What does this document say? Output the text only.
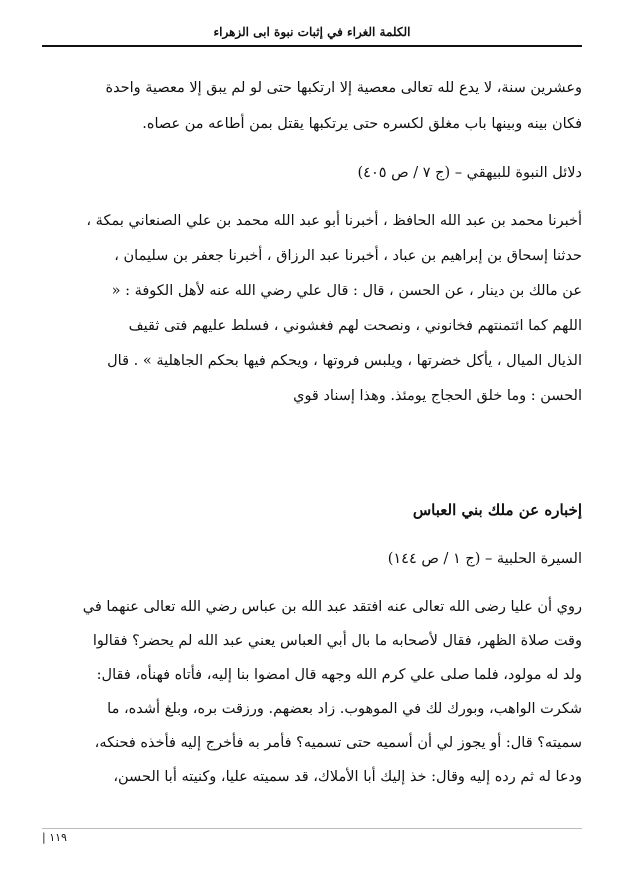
الكلمة الغراء في إثبات نبوة ابى الزهراء
وعشرين سنة، لا يدع لله تعالى معصية إلا ارتكبها حتى لو لم يبق إلا معصية واحدة
فكان بينه وبينها باب مغلق لكسره حتى يرتكبها يقتل بمن أطاعه من عصاه.
دلائل النبوة للبيهقي – (ج ٧ / ص ٤٠٥)
أخبرنا محمد بن عبد الله الحافظ ، أخبرنا أبو عبد الله محمد بن علي الصنعاني بمكة ،
حدثنا إسحاق بن إبراهيم بن عباد ، أخبرنا عبد الرزاق ، أخبرنا جعفر بن سليمان ،
عن مالك بن دينار ، عن الحسن ، قال : قال علي رضي الله عنه لأهل الكوفة : «
اللهم كما ائتمنتهم فخانوني ، ونصحت لهم فغشوني ، فسلط عليهم فتى ثقيف
الذيال الميال ، يأكل خضرتها ، ويلبس فروتها ، ويحكم فيها بحكم الجاهلية » . قال
الحسن : وما خلق الحجاج يومئذ. وهذا إسناد قوي
إخباره عن ملك بني العباس
السيرة الحلبية – (ج ١ / ص ١٤٤)
روي أن عليا رضى الله تعالى عنه افتقد عبد الله بن عباس رضي الله تعالى عنهما في
وقت صلاة الظهر، فقال لأصحابه ما بال أبي العباس يعني عبد الله لم يحضر؟ فقالوا
ولد له مولود، فلما صلى علي كرم الله وجهه قال امضوا بنا إليه، فأتاه فهنأه، فقال:
شكرت الواهب، وبورك لك في الموهوب. زاد بعضهم. ورزقت بره، وبلغ أشده، ما
سميته؟ قال: أو يجوز لي أن أسميه حتى تسميه؟ فأمر به فأخرج إليه فأخذه فحنكه،
ودعا له ثم رده إليه وقال: خذ إليك أبا الأملاك، قد سميته عليا، وكنيته أبا الحسن،
١١٩ |
